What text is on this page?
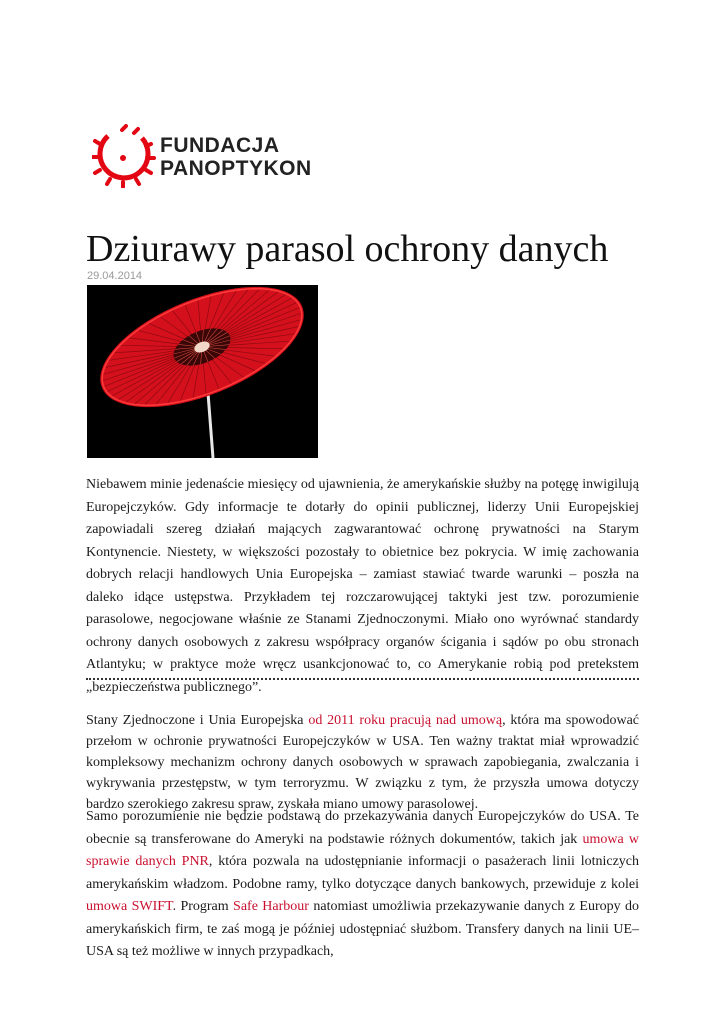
FUNDACJA
PANOPTYKON
Dziurawy parasol ochrony danych
29.04.2014

Niebawem minie jedenaście miesięcy od ujawnienia, że amerykańskie służby na potęgę inwigilują Europejczyków. Gdy informacje te dotarły do opinii publicznej, liderzy Unii Europejskiej zapowiadali szereg działań mających zagwarantować ochronę prywatności na Starym Kontynencie. Niestety, w większości pozostały to obietnice bez pokrycia. W imię zachowania dobrych relacji handlowych Unia Europejska – zamiast stawiać twarde warunki – poszła na daleko idące ustępstwa. Przykładem tej rozczarowującej taktyki jest tzw. porozumienie parasolowe, negocjowane właśnie ze Stanami Zjednoczonymi. Miało ono wyrównać standardy ochrony danych osobowych z zakresu współpracy organów ścigania i sądów po obu stronach Atlantyku; w praktyce może wręcz usankcjonować to, co Amerykanie robią pod pretekstem „bezpieczeństwa publicznego”.

Stany Zjednoczone i Unia Europejska od 2011 roku pracują nad umową, która ma spowodować przełom w ochronie prywatności Europejczyków w USA. Ten ważny traktat miał wprowadzić kompleksowy mechanizm ochrony danych osobowych w sprawach zapobiegania, zwalczania i wykrywania przestępstw, w tym terroryzmu. W związku z tym, że przyszła umowa dotyczy bardzo szerokiego zakresu spraw, zyskała miano umowy parasolowej.

Samo porozumienie nie będzie podstawą do przekazywania danych Europejczyków do USA. Te obecnie są transferowane do Ameryki na podstawie różnych dokumentów, takich jak umowa w sprawie danych PNR, która pozwala na udostępnianie informacji o pasażerach linii lotniczych amerykańskim władzom. Podobne ramy, tylko dotyczące danych bankowych, przewiduje z kolei umowa SWIFT. Program Safe Harbour natomiast umożliwia przekazywanie danych z Europy do amerykańskich firm, te zaś mogą je później udostępniać służbom. Transfery danych na linii UE–USA są też możliwe w innych przypadkach,
